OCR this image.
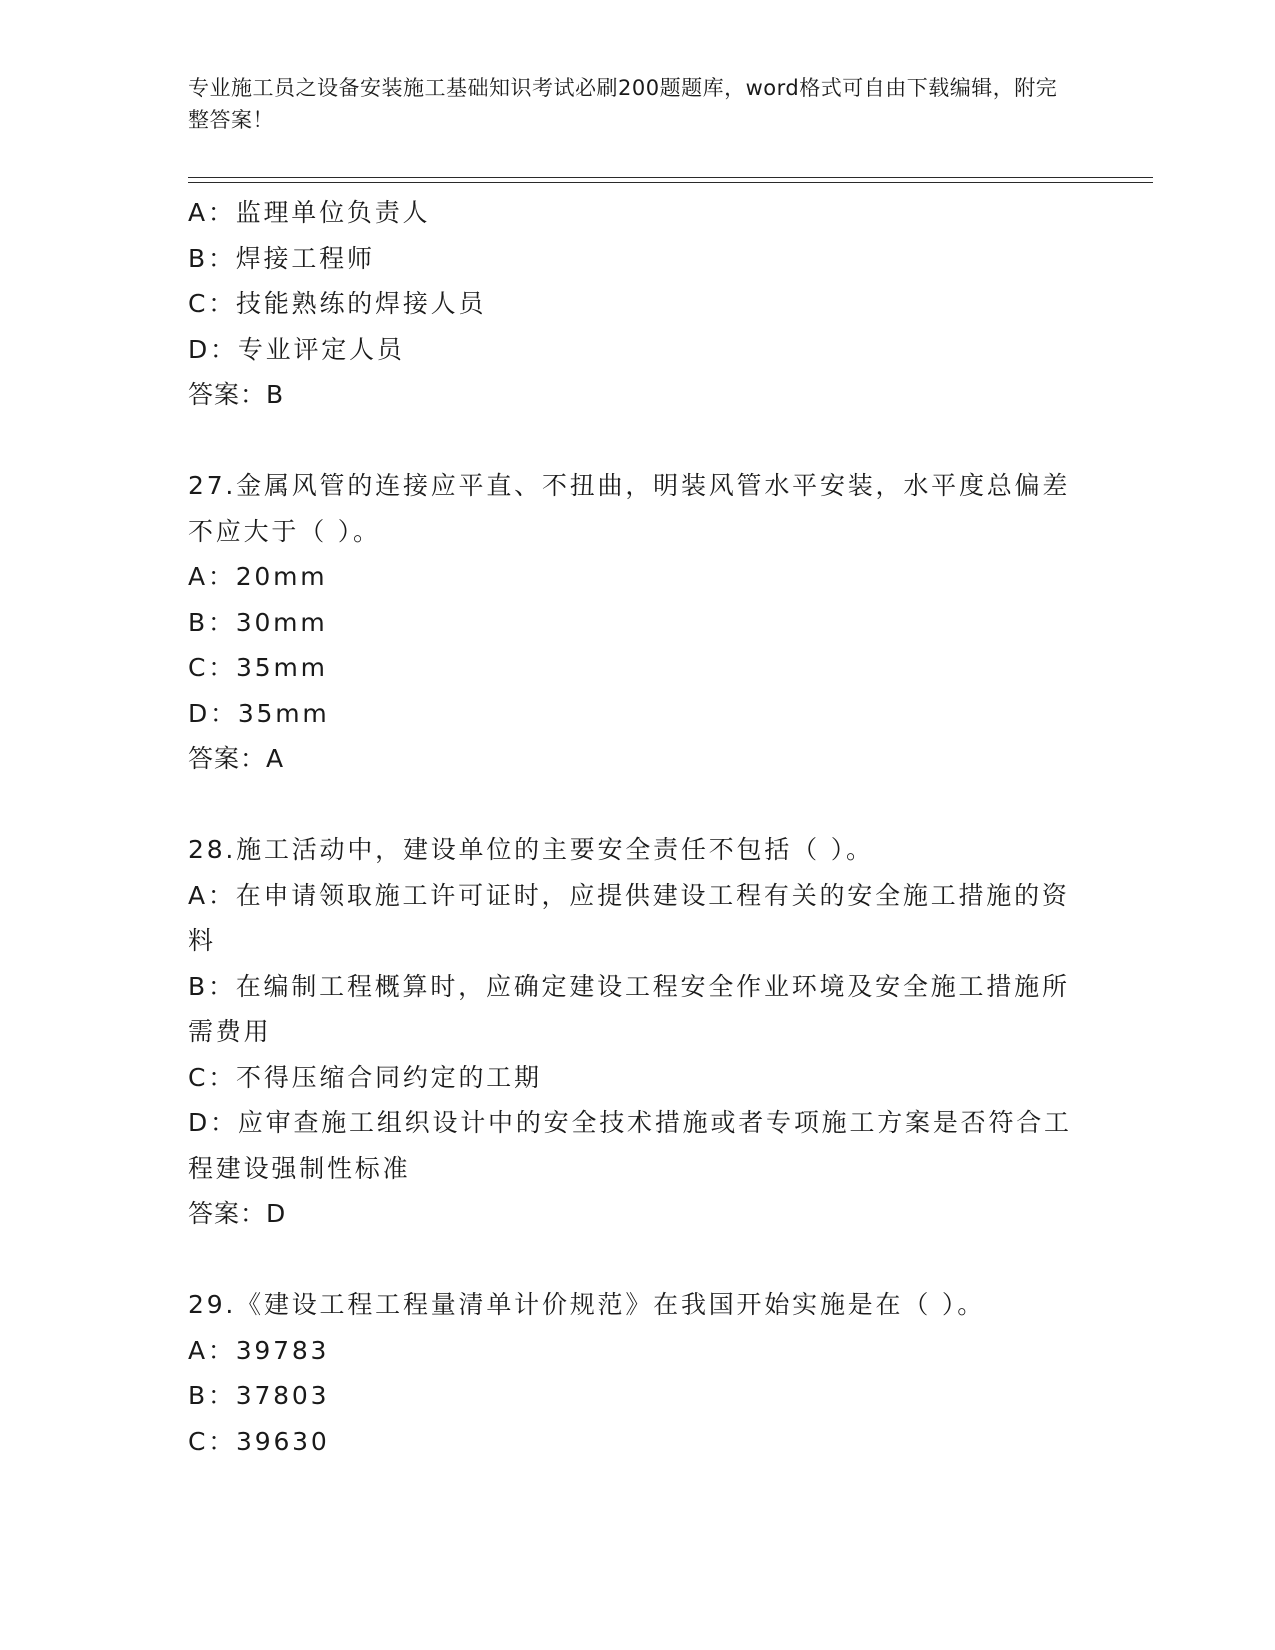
专业施工员之设备安装施工基础知识考试必刷200题题库，word格式可自由下载编辑，附完整答案！
A：监理单位负责人
B：焊接工程师
C：技能熟练的焊接人员
D：专业评定人员
答案：B
27.金属风管的连接应平直、不扭曲，明装风管水平安装，水平度总偏差不应大于（ ）。
A：20mm
B：30mm
C：35mm
D：35mm
答案：A
28.施工活动中，建设单位的主要安全责任不包括（ ）。
A：在申请领取施工许可证时，应提供建设工程有关的安全施工措施的资料
B：在编制工程概算时，应确定建设工程安全作业环境及安全施工措施所需费用
C：不得压缩合同约定的工期
D：应审查施工组织设计中的安全技术措施或者专项施工方案是否符合工程建设强制性标准
答案：D
29.《建设工程工程量清单计价规范》在我国开始实施是在（ ）。
A：39783
B：37803
C：39630
